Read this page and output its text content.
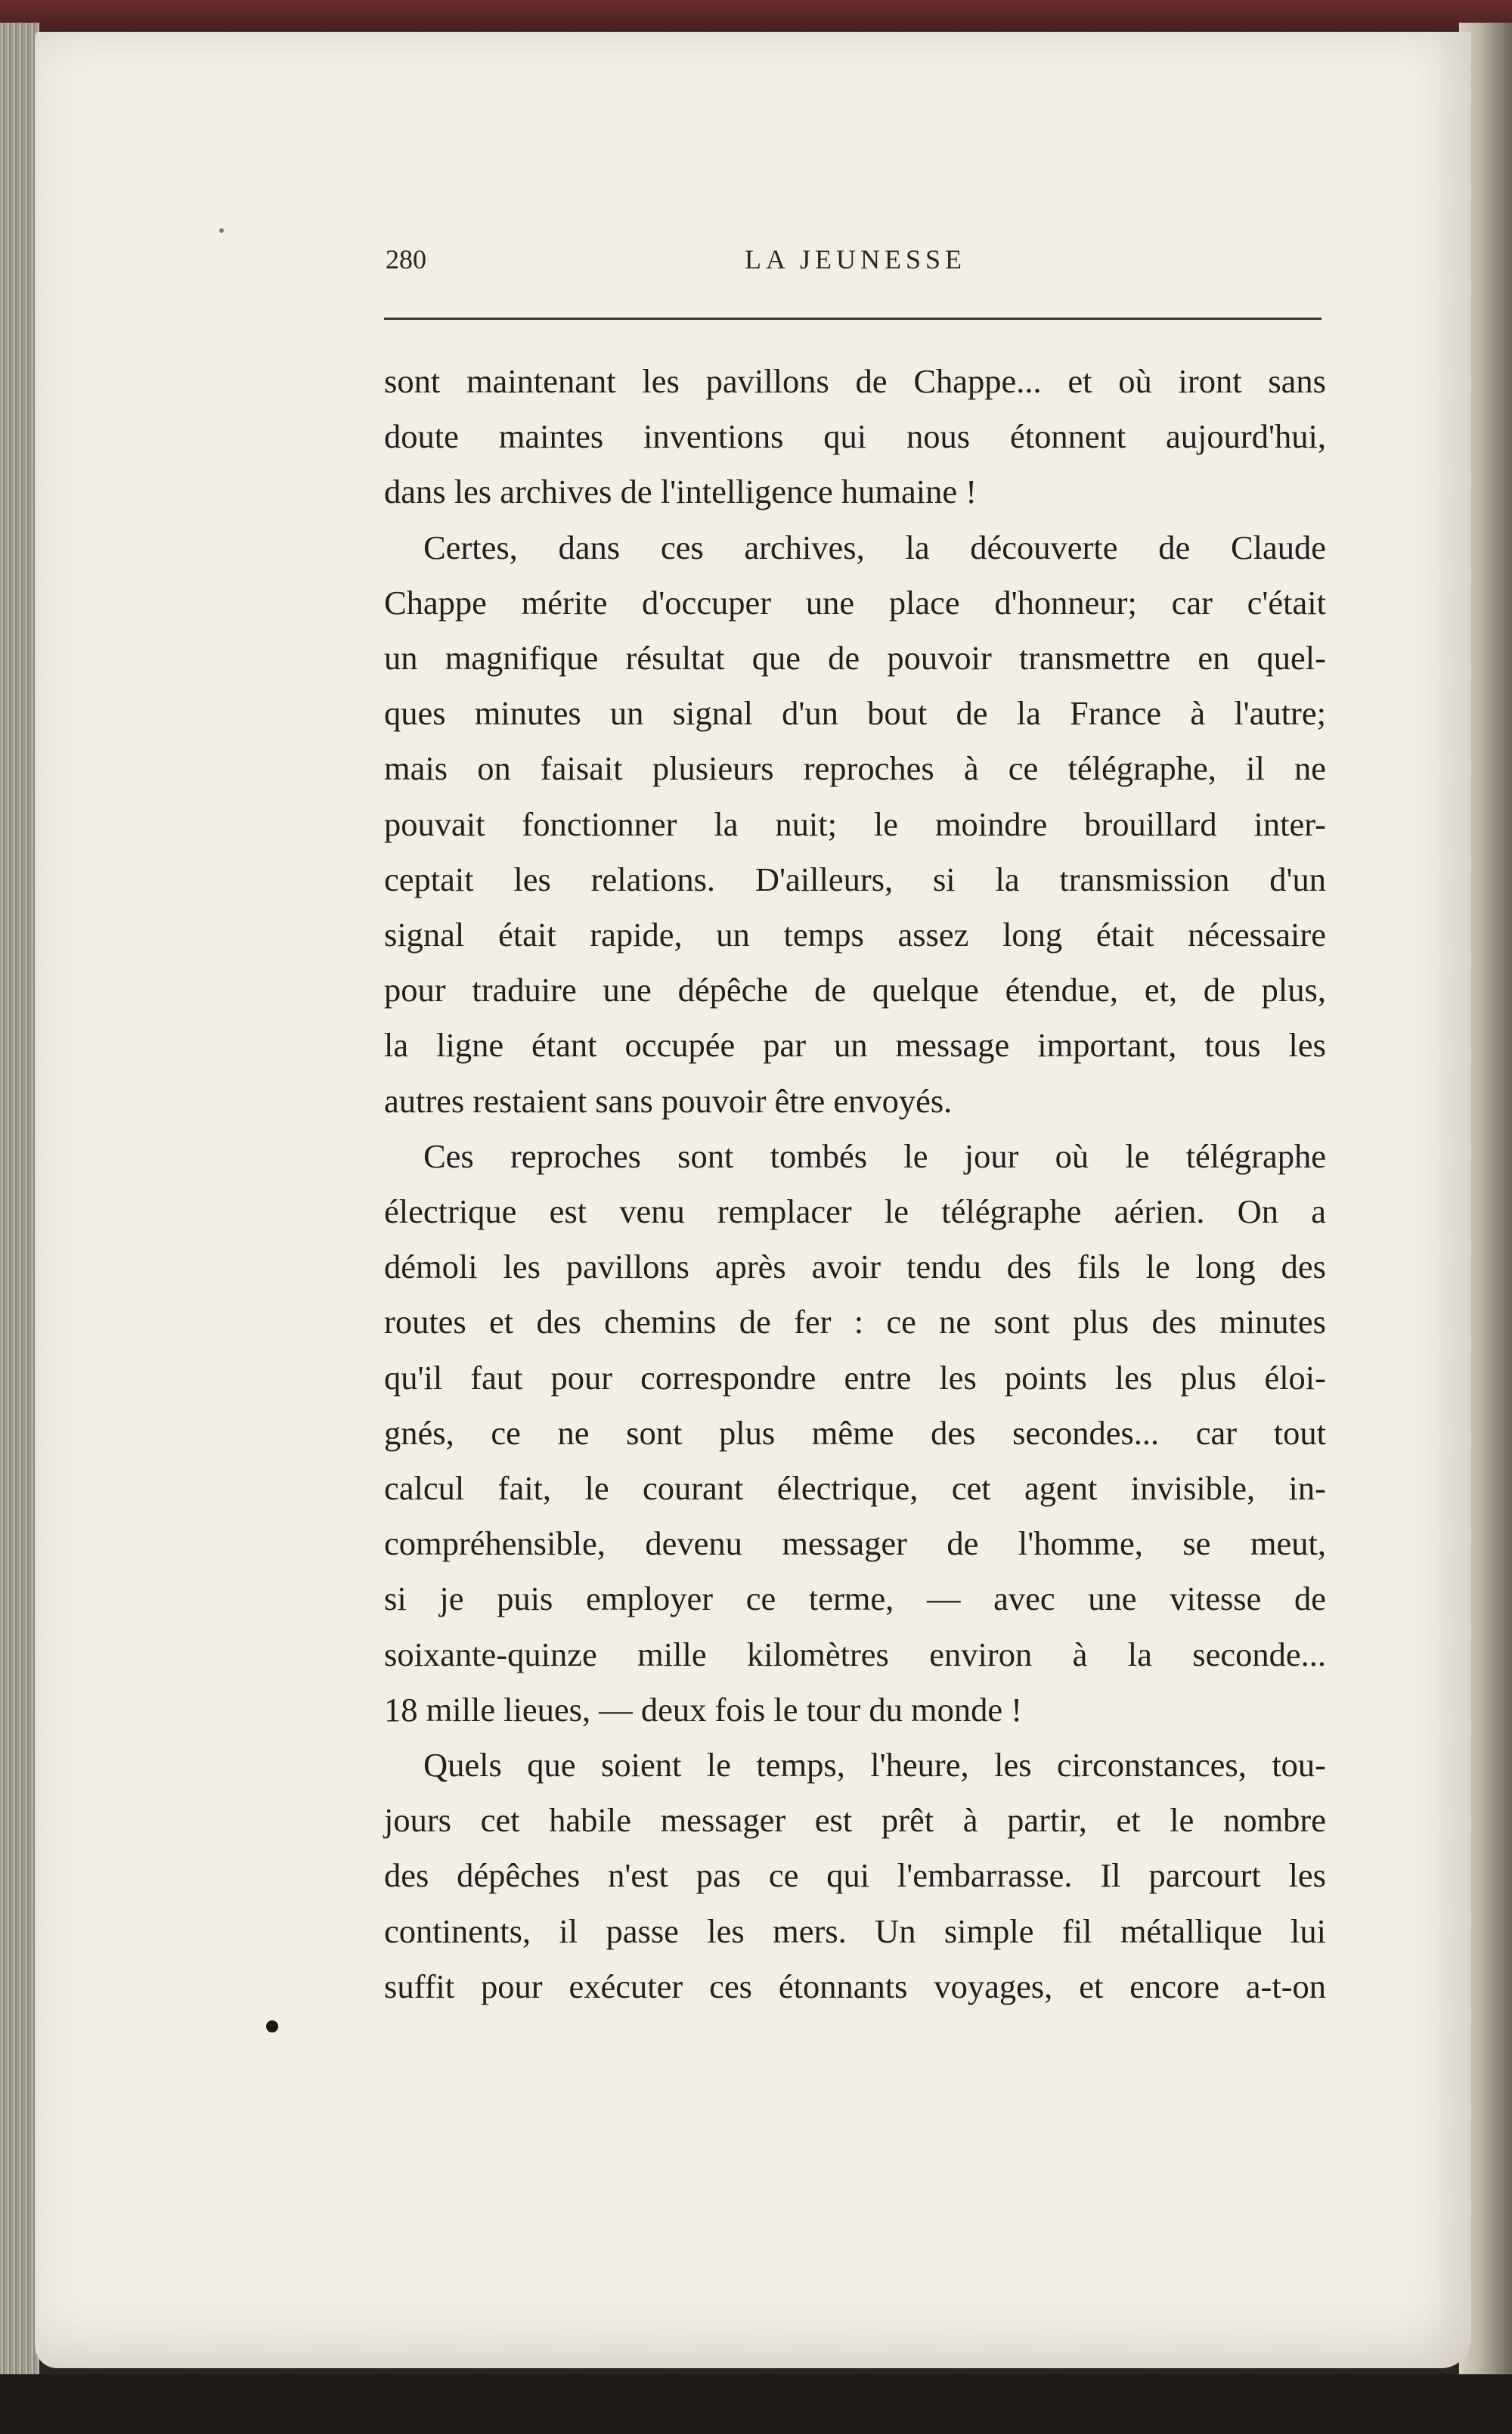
280	LA JEUNESSE
sont maintenant les pavillons de Chappe... et où iront sans
doute maintes inventions qui nous étonnent aujourd'hui,
dans les archives de l'intelligence humaine !
Certes, dans ces archives, la découverte de Claude
Chappe mérite d'occuper une place d'honneur; car c'était
un magnifique résultat que de pouvoir transmettre en quel-
ques minutes un signal d'un bout de la France à l'autre;
mais on faisait plusieurs reproches à ce télégraphe, il ne
pouvait fonctionner la nuit; le moindre brouillard inter-
ceptait les relations. D'ailleurs, si la transmission d'un
signal était rapide, un temps assez long était nécessaire
pour traduire une dépêche de quelque étendue, et, de plus,
la ligne étant occupée par un message important, tous les
autres restaient sans pouvoir être envoyés.
Ces reproches sont tombés le jour où le télégraphe
électrique est venu remplacer le télégraphe aérien. On a
démoli les pavillons après avoir tendu des fils le long des
routes et des chemins de fer : ce ne sont plus des minutes
qu'il faut pour correspondre entre les points les plus éloi-
gnés, ce ne sont plus même des secondes... car tout
calcul fait, le courant électrique, cet agent invisible, in-
compréhensible, devenu messager de l'homme, se meut,
si je puis employer ce terme, — avec une vitesse de
soixante-quinze mille kilomètres environ à la seconde...
18 mille lieues, — deux fois le tour du monde !
Quels que soient le temps, l'heure, les circonstances, tou-
jours cet habile messager est prêt à partir, et le nombre
des dépêches n'est pas ce qui l'embarrasse. Il parcourt les
continents, il passe les mers. Un simple fil métallique lui
suffit pour exécuter ces étonnants voyages, et encore a-t-on
